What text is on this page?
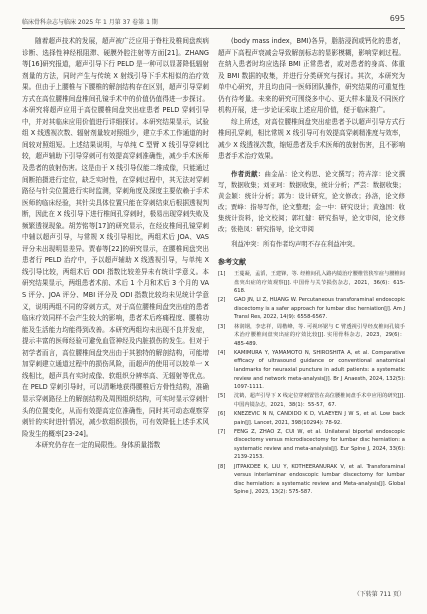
临床骨科杂志与临床 2025 年 1 月第 37 卷第 1 期	695

随着超声技术的发展，超声被广泛应用于脊柱及椎间盘疾病诊断、选择性神经根阻滞、硬膜外腔注射等方面[21]。ZHANG 等[16]研究报道，超声引导下行 PELD 是一种可以显著降低辐射剂量的方法，同时产生与传统 X 射线引导下手术相似的治疗效果。但由于上腰椎与下腰椎的解剖结构存在区别，超声引导穿刺方式在高位腰椎间盘椎间孔镜手术中的价值仍值得进一步探讨。本研究将超声应用于高位腰椎间盘突出症患者 PELD 穿刺引导中，并对其临床应用价值进行详细探讨。本研究结果显示，试验组 X 线透视次数、辐射剂量较对照组少，建立手术工作通道的时间较对照组短。上述结果说明，与单纯 C 型臂 X 线引导穿刺比较，超声辅助下引导穿刺可有效提高穿刺准确性，减少手术医师及患者的放射伤害。这是由于 X 线引导仅能二维成像，只能通过间断拍摄进行定位，缺乏实时性，在穿刺过程中，其无法对穿刺路径与针尖位置进行实时监测，穿刺角度及深度主要依赖于手术医师的临床经验，其针尖具体位置只能在穿刺结束后根据透视判断，因此在 X 线引导下进行椎间孔穿刺时，极易出现穿刺失败及频繁透视现象。胡芳铭等[17]的研究显示，在经皮椎间孔镜穿刺中辅以超声引导，与常规 X 线引导相比，两组术后 JOA、VAS 评分未出现明显差异。贾春等[22]的研究显示，在腰椎间盘突出患者行 PELD 治疗中，予以超声辅助 X 线透视引导，与单纯 X 线引导比较，两组术后 ODI 指数比较差异未有统计学意义。本研究结果显示，两组患者术前、术后 1 个月和术后 3 个月的 VAS 评分、JOA 评分、MBI 评分及 ODI 指数比较均未见统计学意义，说明两组不同的穿刺方式，对于高位腰椎间盘突出症的患者临床疗效同样不会产生较大的影响，患者术后疼痛程度、腰椎功能及生活能力均能得到改善。本研究两组均未出现不良并发症，提示丰富的医师经验可避免血管神经及内脏损伤的发生。但对于初学者而言，高位腰椎间盘突出由于其独特的解剖结构，可能增加穿刺建立通道过程中的损伤风险，而超声的使用可以较单一 X 线相比，超声具有实时成像、软组织分辨率高、无辐射等优点。在 PELD 穿刺引导时，可以清晰地获得腰椎后方骨性结构，准确显示穿刺路径上的解剖结构及周围组织结构，可实时显示穿刺针头的位置变化，从而有效提高定位准确性，同时其可动态观察穿刺针的实时进针情况，减少软组织损伤，可有效降低上述手术风险发生的概率[23-24]。

本研究仍存在一定的局限性。身体质量指数

(body mass index，BMI)各异，脂肪浸润或钙化的患者，超声下高程声衰减会导致解剖标志的显影模糊，影响穿刺过程。在纳入患者时均应选择 BMI 正常患者，或对患者的身高、体重及 BMI 数据的收集，并进行分类研究与探讨。其次，本研究为单中心研究，并且均由同一医师团队操作，研究结果的可重复性仍有待考量。未来的研究可围绕多中心、更大样本量及不同医疗机构开展，进一步论证采取上述应用价值，便于临床推广。

综上所述，对高位腰椎间盘突出症患者予以超声引导方式行椎间孔穿刺，相比常规 X 线引导可有效提高穿刺精准度与效率，减少 X 线透视次数，缩短患者及手术医师的放射伤害，且不影响患者手术治疗效果。

作者贡献：曲金晶：论文构思、论文撰写；符卉淳：论文撰写，数据收集；刘亚珂：数据收集，统计分析；严芸：数据收集；黄金颖：统计分析；郭为：设计研究，论文修改；孙洛，论文修改；贾峰：指导写作，论文整理；金一中：研究设计；黄逸国：收集统计资料，论文校阅；郭红健：研究指导，论文审阅，论文修改；张艳凤：研究指导，论文审阅
利益冲突：所有作者均声明不存在利益冲突。
参考文献
[1] 王蔓凝，孟滔，王建锋，等. 经椎间孔入路内镜治疗腰椎管狭窄症与腰椎间盘突出症的疗效观察[J]. 中国骨与关节损伤杂志，2021，36(6)：615-618.
[2] GAO JN, LI Z, HUANG W. Percutaneous transforaminal endoscopic discectomy is a safer approach for lumbar disc herniation[J]. Am J Transl Res, 2022, 14(9): 6558-6567.
[3] 林润钢，李忠祥，周楷峰，等. 可视环锯与 C 臂透视引导经皮椎间孔镜手术治疗腰椎间盘突出症的疗效比较[J]. 实用骨科杂志，2023，29(6)：485-489.
[4] KAMIMURA Y, YAMAMOTO N, SHIROSHITA A, et al. Comparative efficacy of ultrasound guidance or conventional anatomical landmarks for neuraxial puncture in adult patients: a systematic review and network meta-analysis[J]. Br J Anaesth, 2024, 132(5): 1097-1111.
[5] 沈鹤，超声引导下 X 线定位穿刺置管在高位腰椎间盘手术中应用的研究[J]. 中国内镜杂志，2021，38(1)：55-57，67.
[6] KNEZEVIC N N, CANDIDO K D, VLAEYEN J W S, et al. Low back pain[J]. Lancet, 2021, 398(10294): 78-92.
[7] FENG Z, ZHAO Z, CUI W, et al. Unilateral biportal endoscopic discectomy versus microdiscectomy for lumbar disc herniation: a systematic review and meta-analysis[J]. Eur Spine J, 2024, 33(6): 2139-2153.
[8] JITPAKDEE K, LIU Y, KOTHEERANURAK V, et al. Transforaminal versus interlaminar endoscopic lumbar discectomy for lumbar disc herniation: a systematic review and Meta-analysis[J]. Global Spine J, 2023, 13(2): 575-587.
（下转第 711 页）
